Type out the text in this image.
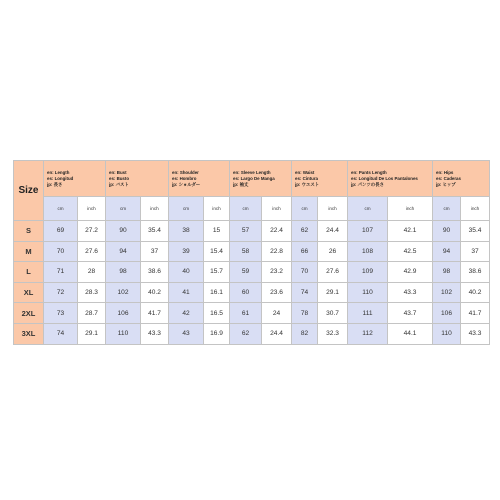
Size	en: Length
es: Longitud
jp: 長さ		en: Bust
es: Busto
jp: バスト		en: Shoulder
es: Hombro
jp: ショルダー		en: Sleeve Length
es: Largo De Manga
jp: 袖丈		en: Waist
es: Cintura
jp: ウエスト		en: Pants Length
es: Longitud De Los Pantalones
jp: パンツの長さ		en: Hips
es: Caderas
jp: ヒップ	

	cm	inch	cm	inch	cm	inch	cm	inch	cm	inch	cm	inch	cm	inch
S	69	27.2	90	35.4	38	15	57	22.4	62	24.4	107	42.1	90	35.4
M	70	27.6	94	37	39	15.4	58	22.8	66	26	108	42.5	94	37
L	71	28	98	38.6	40	15.7	59	23.2	70	27.6	109	42.9	98	38.6
XL	72	28.3	102	40.2	41	16.1	60	23.6	74	29.1	110	43.3	102	40.2
2XL	73	28.7	106	41.7	42	16.5	61	24	78	30.7	111	43.7	106	41.7
3XL	74	29.1	110	43.3	43	16.9	62	24.4	82	32.3	112	44.1	110	43.3
